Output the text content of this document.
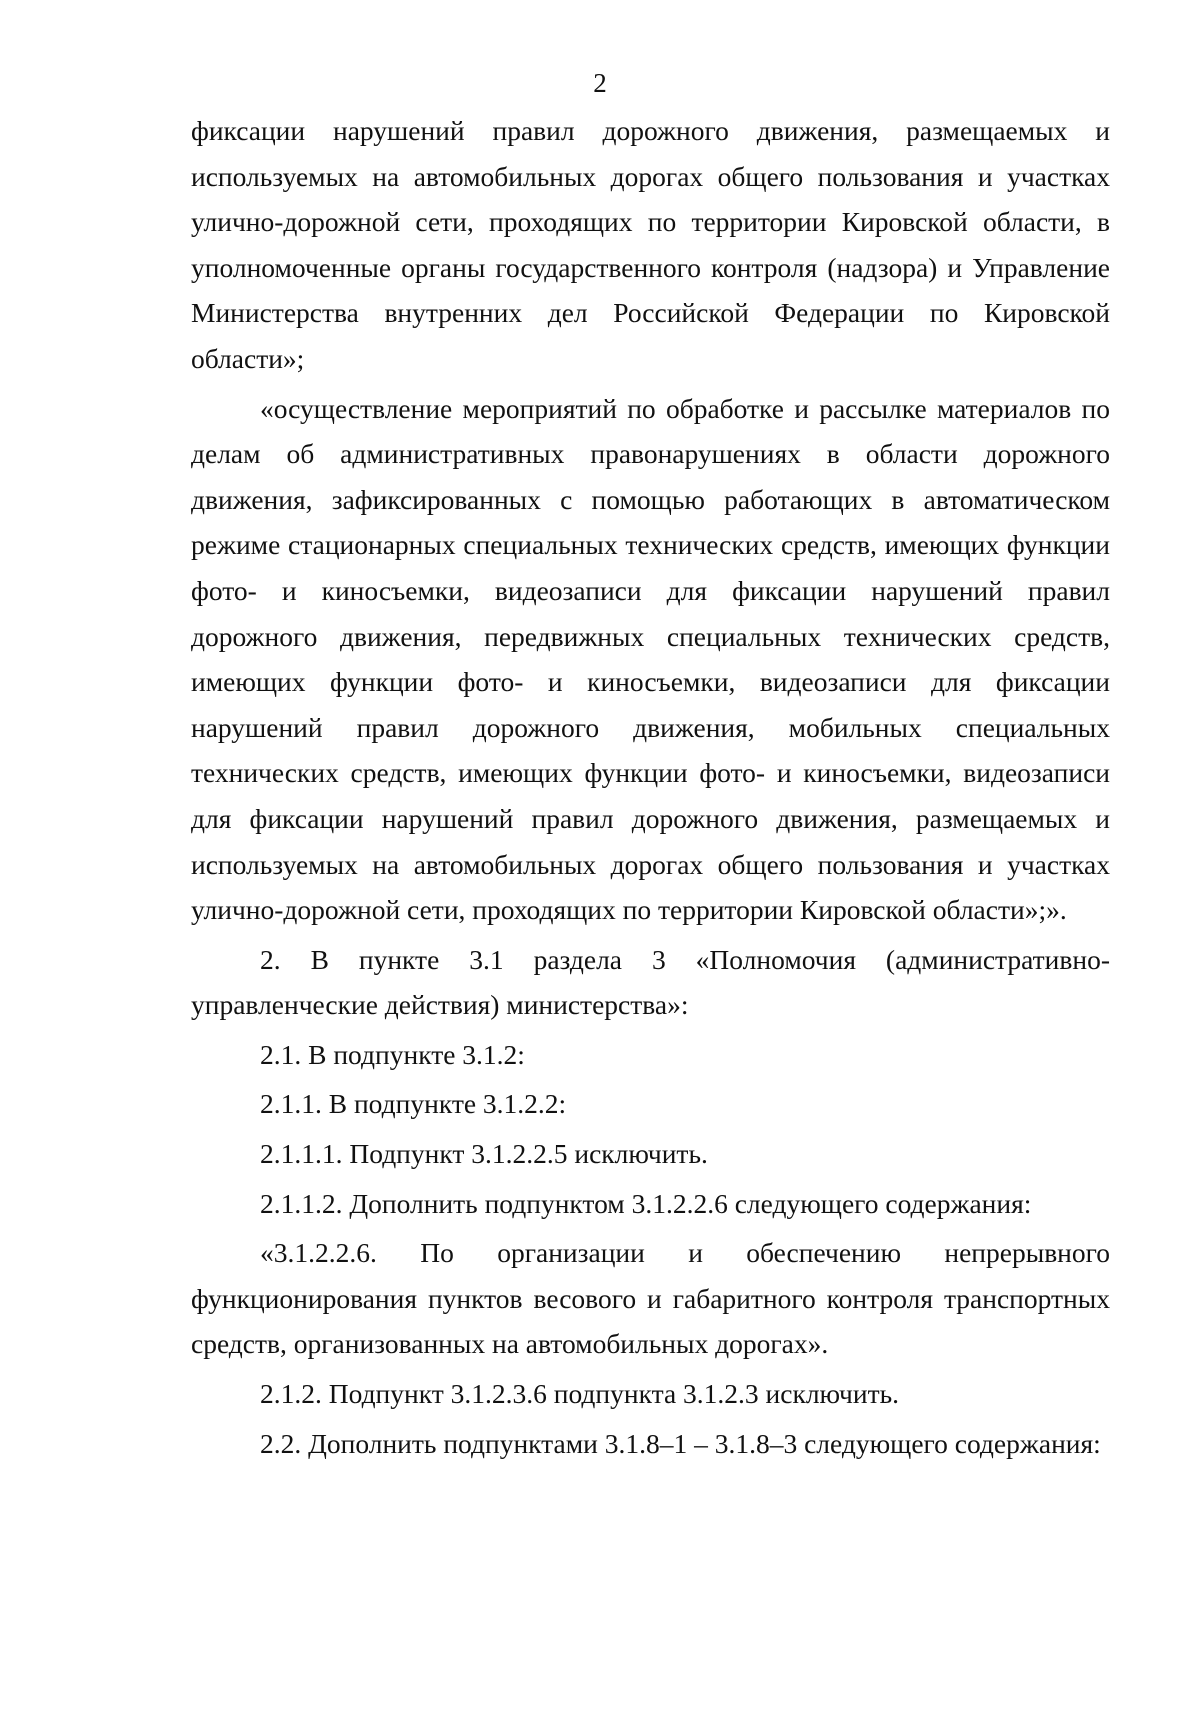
2

фиксации нарушений правил дорожного движения, размещаемых и используемых на автомобильных дорогах общего пользования и участках улично-дорожной сети, проходящих по территории Кировской области, в уполномоченные органы государственного контроля (надзора) и Управление Министерства внутренних дел Российской Федерации по Кировской области»;

«осуществление мероприятий по обработке и рассылке материалов по делам об административных правонарушениях в области дорожного движения, зафиксированных с помощью работающих в автоматическом режиме стационарных специальных технических средств, имеющих функции фото- и киносъемки, видеозаписи для фиксации нарушений правил дорожного движения, передвижных специальных технических средств, имеющих функции фото- и киносъемки, видеозаписи для фиксации нарушений правил дорожного движения, мобильных специальных технических средств, имеющих функции фото- и киносъемки, видеозаписи для фиксации нарушений правил дорожного движения, размещаемых и используемых на автомобильных дорогах общего пользования и участках улично-дорожной сети, проходящих по территории Кировской области»;».

2. В пункте 3.1 раздела 3 «Полномочия (административно-управленческие действия) министерства»:

2.1. В подпункте 3.1.2:

2.1.1. В подпункте 3.1.2.2:

2.1.1.1. Подпункт 3.1.2.2.5 исключить.

2.1.1.2. Дополнить подпунктом 3.1.2.2.6 следующего содержания:

«3.1.2.2.6. По организации и обеспечению непрерывного функционирования пунктов весового и габаритного контроля транспортных средств, организованных на автомобильных дорогах».

2.1.2. Подпункт 3.1.2.3.6 подпункта 3.1.2.3 исключить.

2.2. Дополнить подпунктами 3.1.8–1 – 3.1.8–3 следующего содержания:
